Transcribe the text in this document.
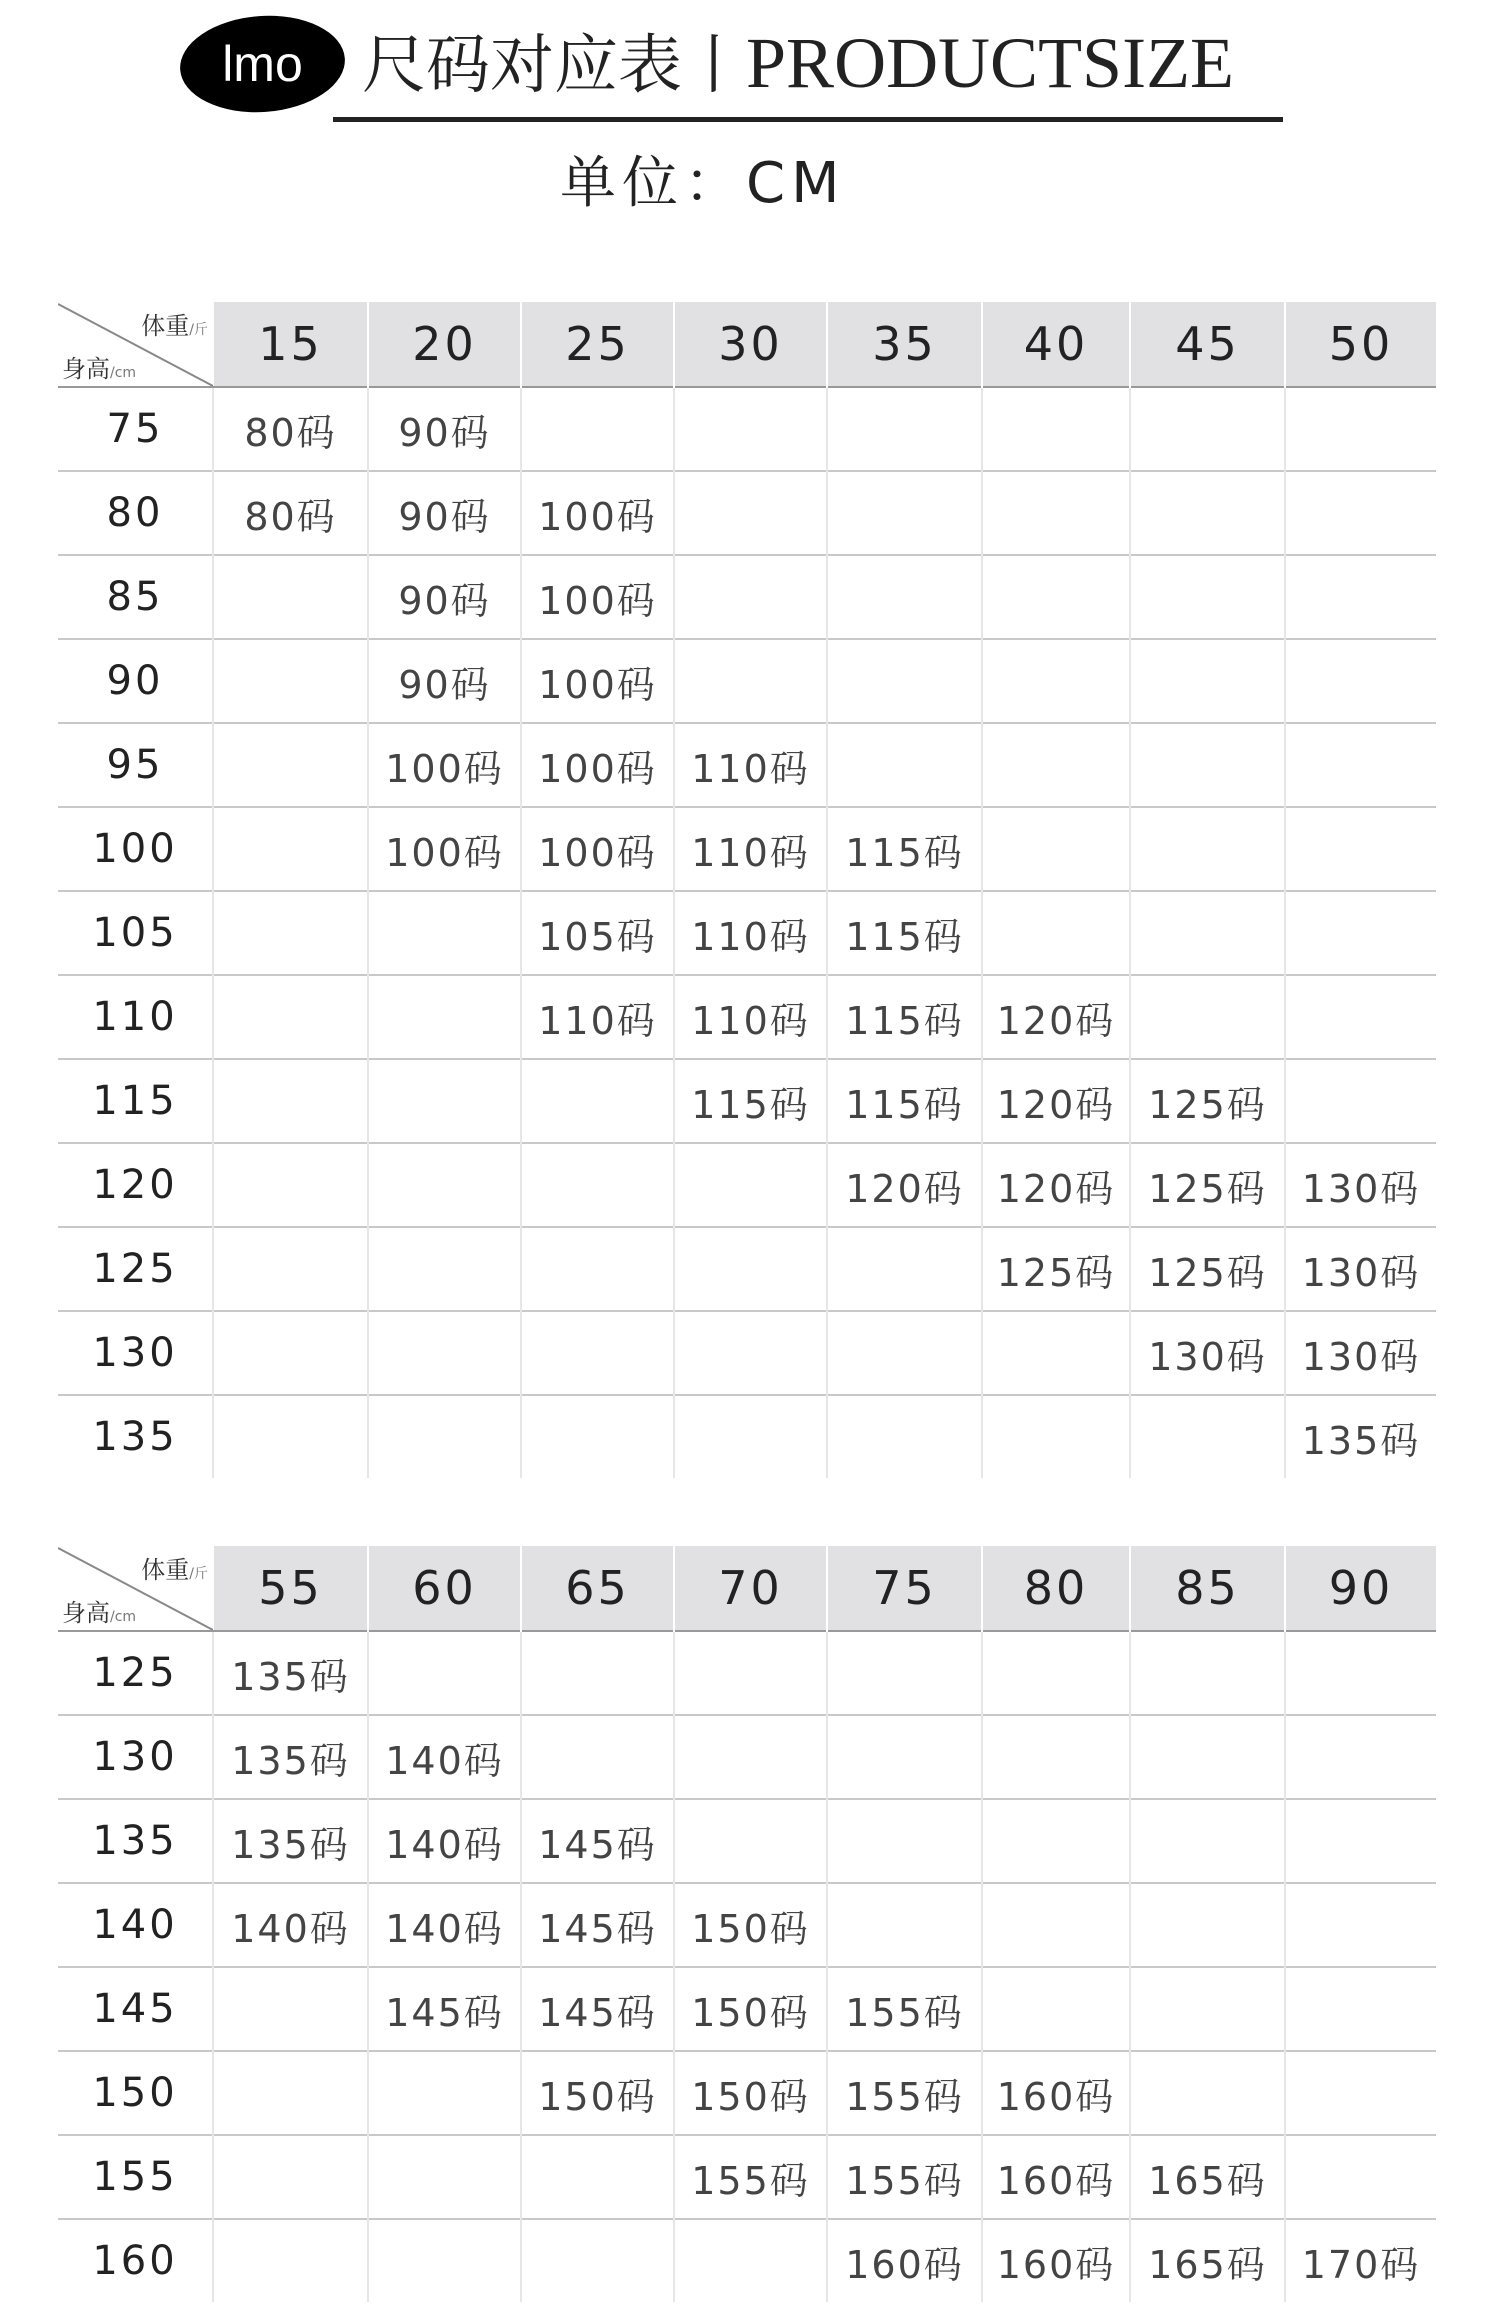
lmo 尺码对应表丨PRODUCTSIZE
单位：CM
体重/斤
身高/cm	15	20	25	30	35	40	45	50
75	80码	90码						
80	80码	90码	100码					
85		90码	100码					
90		90码	100码					
95		100码	100码	110码				
100		100码	100码	110码	115码			
105			105码	110码	115码			
110			110码	110码	115码	120码		
115				115码	115码	120码	125码	
120					120码	120码	125码	130码
125						125码	125码	130码
130							130码	130码
135								135码
体重/斤
身高/cm	55	60	65	70	75	80	85	90
125	135码							
130	135码	140码						
135	135码	140码	145码					
140	140码	140码	145码	150码				
145		145码	145码	150码	155码			
150			150码	150码	155码	160码		
155				155码	155码	160码	165码	
160					160码	160码	165码	170码
